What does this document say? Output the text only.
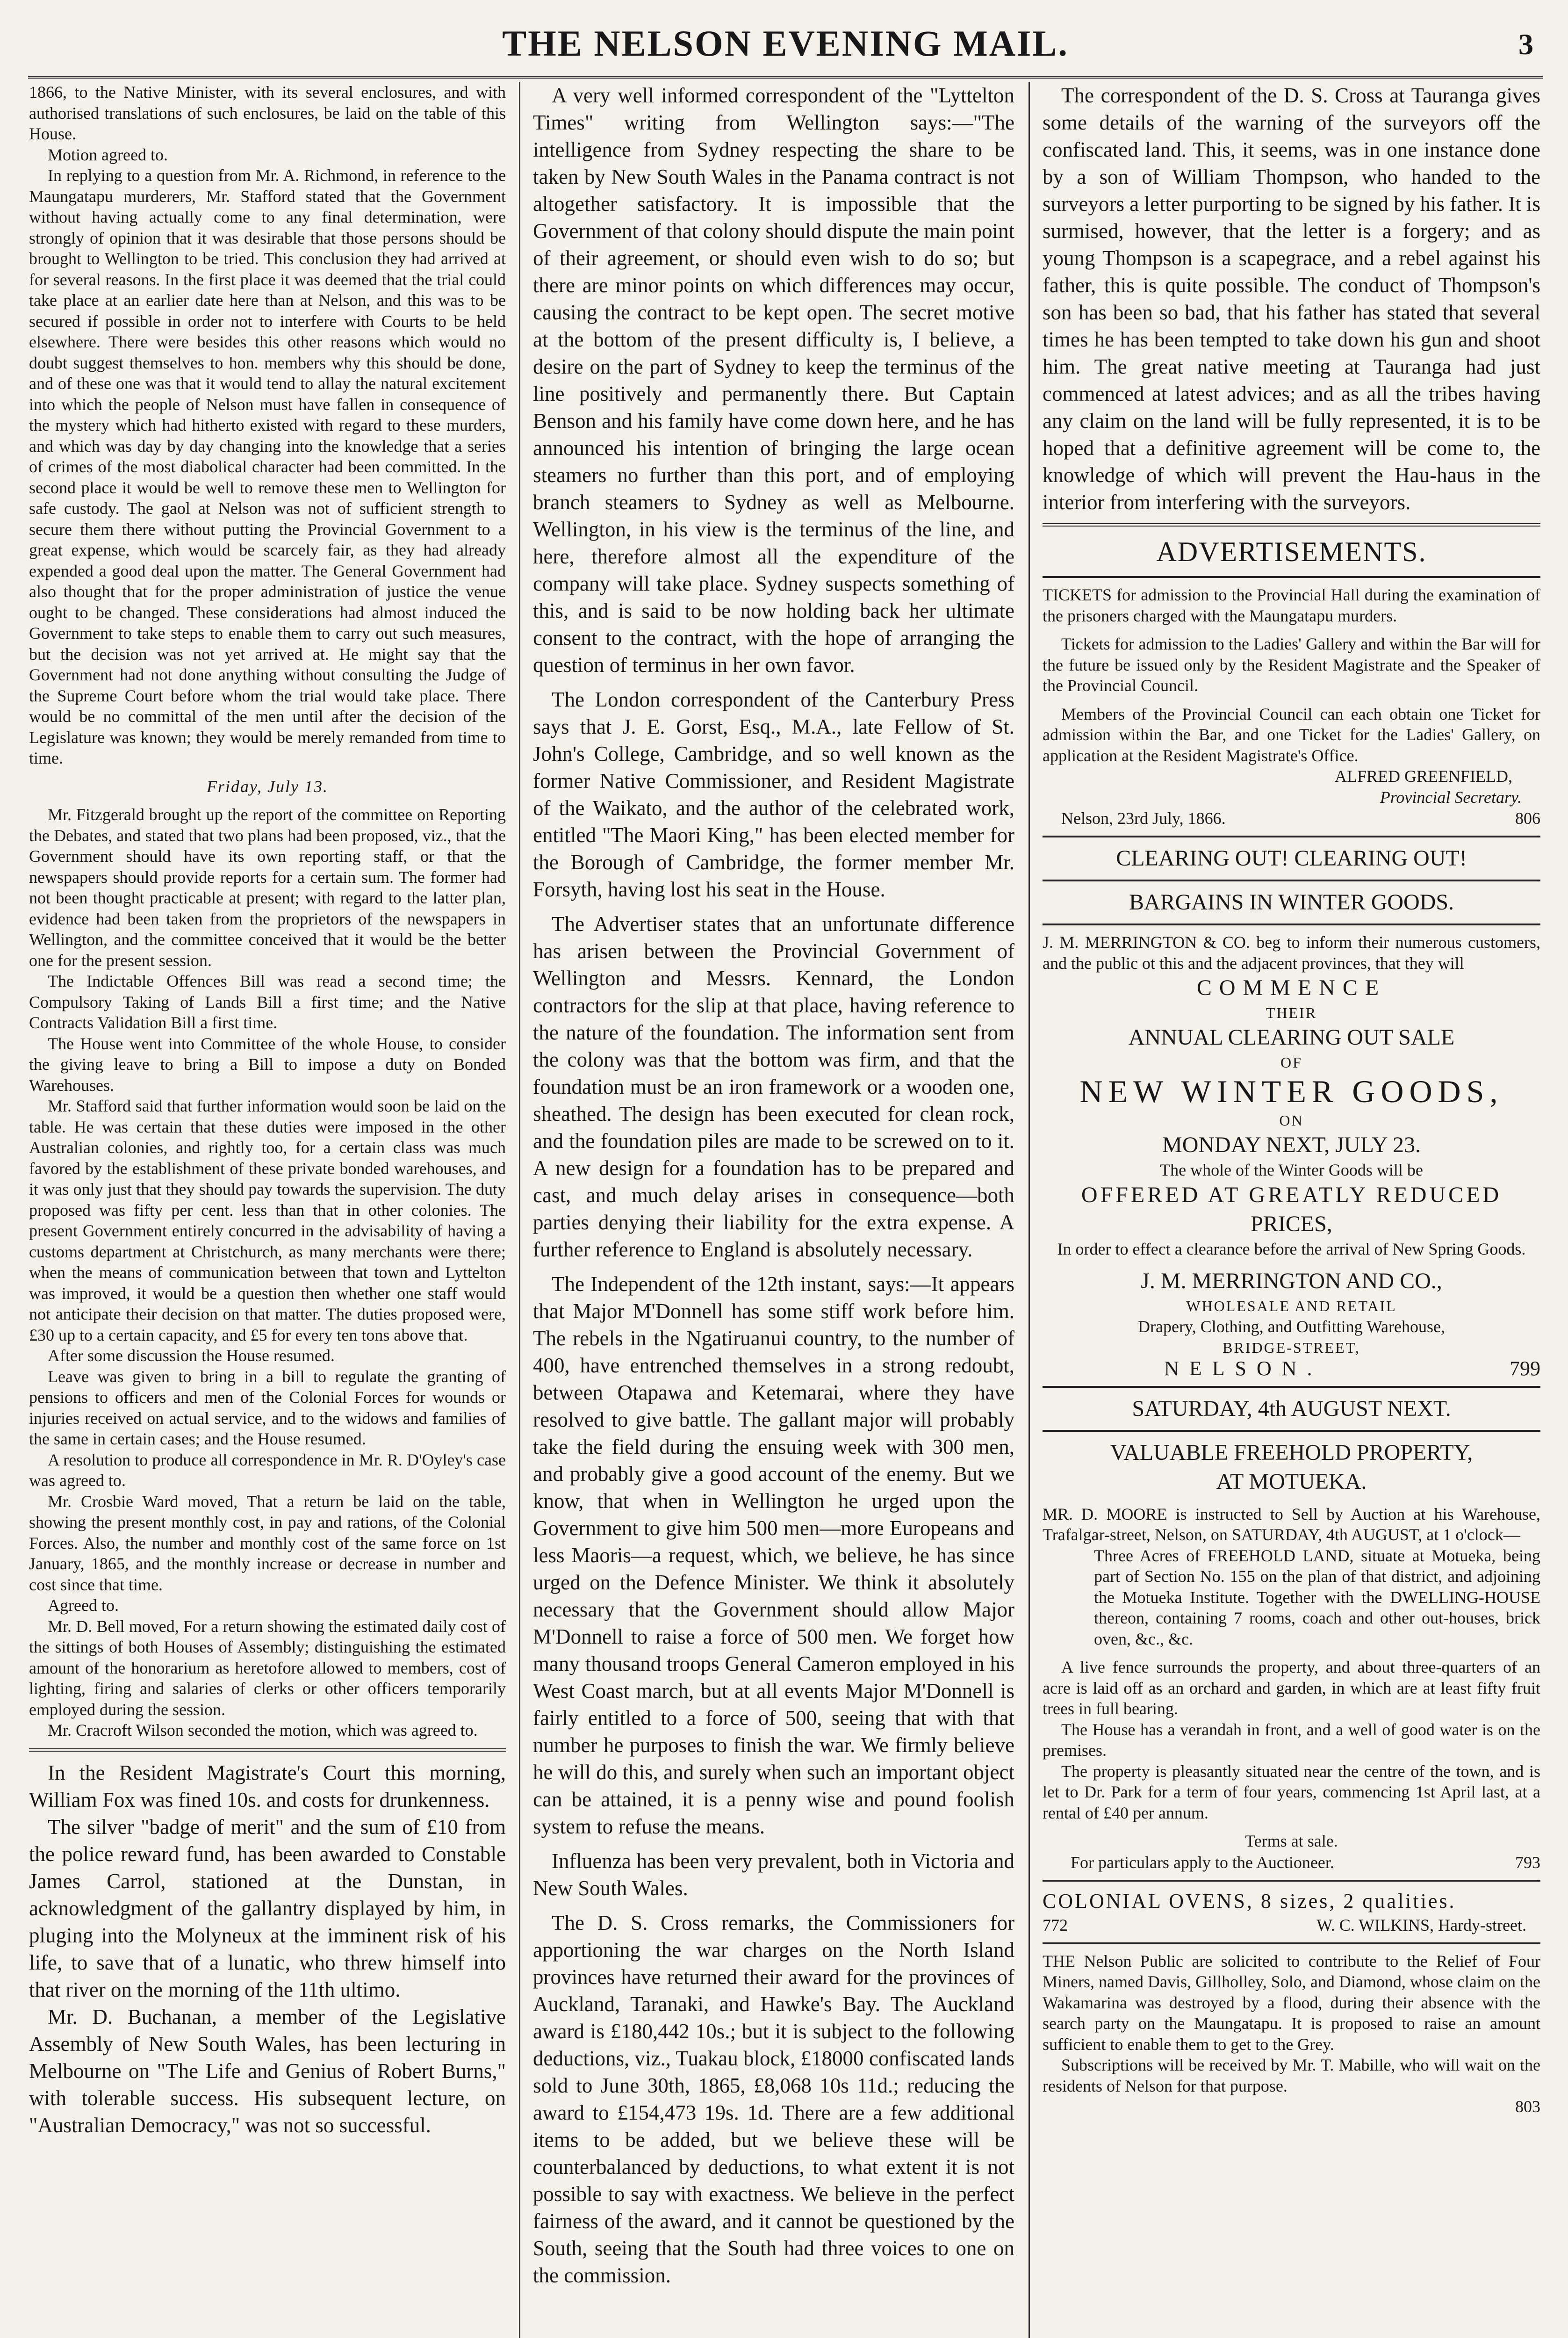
THE NELSON EVENING MAIL.	3

1866, to the Native Minister, with its several enclosures, and with authorised translations of such enclosures, be laid on the table of this House.

Motion agreed to.

In replying to a question from Mr. A. Richmond, in reference to the Maungatapu murderers, Mr. Stafford stated that the Government without having actually come to any final determination, were strongly of opinion that it was desirable that those persons should be brought to Wellington to be tried. This conclusion they had arrived at for several reasons. In the first place it was deemed that the trial could take place at an earlier date here than at Nelson, and this was to be secured if possible in order not to interfere with Courts to be held elsewhere. There were besides this other reasons which would no doubt suggest themselves to hon. members why this should be done, and of these one was that it would tend to allay the natural excitement into which the people of Nelson must have fallen in consequence of the mystery which had hitherto existed with regard to these murders, and which was day by day changing into the knowledge that a series of crimes of the most diabolical character had been committed. In the second place it would be well to remove these men to Wellington for safe custody. The gaol at Nelson was not of sufficient strength to secure them there without putting the Provincial Government to a great expense, which would be scarcely fair, as they had already expended a good deal upon the matter. The General Government had also thought that for the proper administration of justice the venue ought to be changed. These considerations had almost induced the Government to take steps to enable them to carry out such measures, but the decision was not yet arrived at. He might say that the Government had not done anything without consulting the Judge of the Supreme Court before whom the trial would take place. There would be no committal of the men until after the decision of the Legislature was known; they would be merely remanded from time to time.

Friday, July 13.

Mr. Fitzgerald brought up the report of the committee on Reporting the Debates, and stated that two plans had been proposed, viz., that the Government should have its own reporting staff, or that the newspapers should provide reports for a certain sum. The former had not been thought practicable at present; with regard to the latter plan, evidence had been taken from the proprietors of the newspapers in Wellington, and the committee conceived that it would be the better one for the present session.

The Indictable Offences Bill was read a second time; the Compulsory Taking of Lands Bill a first time; and the Native Contracts Validation Bill a first time.

The House went into Committee of the whole House, to consider the giving leave to bring a Bill to impose a duty on Bonded Warehouses.

Mr. Stafford said that further information would soon be laid on the table. He was certain that these duties were imposed in the other Australian colonies, and rightly too, for a certain class was much favored by the establishment of these private bonded warehouses, and it was only just that they should pay towards the supervision. The duty proposed was fifty per cent. less than that in other colonies. The present Government entirely concurred in the advisability of having a customs department at Christchurch, as many merchants were there; when the means of communication between that town and Lyttelton was improved, it would be a question then whether one staff would not anticipate their decision on that matter. The duties proposed were, £30 up to a certain capacity, and £5 for every ten tons above that.

After some discussion the House resumed.

Leave was given to bring in a bill to regulate the granting of pensions to officers and men of the Colonial Forces for wounds or injuries received on actual service, and to the widows and families of the same in certain cases; and the House resumed.

A resolution to produce all correspondence in Mr. R. D'Oyley's case was agreed to.

Mr. Crosbie Ward moved, That a return be laid on the table, showing the present monthly cost, in pay and rations, of the Colonial Forces. Also, the number and monthly cost of the same force on 1st January, 1865, and the monthly increase or decrease in number and cost since that time.

Agreed to.

Mr. D. Bell moved, For a return showing the estimated daily cost of the sittings of both Houses of Assembly; distinguishing the estimated amount of the honorarium as heretofore allowed to members, cost of lighting, firing and salaries of clerks or other officers temporarily employed during the session.

Mr. Cracroft Wilson seconded the motion, which was agreed to.

In the Resident Magistrate's Court this morning, William Fox was fined 10s. and costs for drunkenness.

The silver "badge of merit" and the sum of £10 from the police reward fund, has been awarded to Constable James Carrol, stationed at the Dunstan, in acknowledgment of the gallantry displayed by him, in pluging into the Molyneux at the imminent risk of his life, to save that of a lunatic, who threw himself into that river on the morning of the 11th ultimo.

Mr. D. Buchanan, a member of the Legislative Assembly of New South Wales, has been lecturing in Melbourne on "The Life and Genius of Robert Burns," with tolerable success. His subsequent lecture, on "Australian Democracy," was not so successful.

A very well informed correspondent of the "Lyttelton Times" writing from Wellington says:—"The intelligence from Sydney respecting the share to be taken by New South Wales in the Panama contract is not altogether satisfactory. It is impossible that the Government of that colony should dispute the main point of their agreement, or should even wish to do so; but there are minor points on which differences may occur, causing the contract to be kept open. The secret motive at the bottom of the present difficulty is, I believe, a desire on the part of Sydney to keep the terminus of the line positively and permanently there. But Captain Benson and his family have come down here, and he has announced his intention of bringing the large ocean steamers no further than this port, and of employing branch steamers to Sydney as well as Melbourne. Wellington, in his view is the terminus of the line, and here, therefore almost all the expenditure of the company will take place. Sydney suspects something of this, and is said to be now holding back her ultimate consent to the contract, with the hope of arranging the question of terminus in her own favor.

The London correspondent of the Canterbury Press says that J. E. Gorst, Esq., M.A., late Fellow of St. John's College, Cambridge, and so well known as the former Native Commissioner, and Resident Magistrate of the Waikato, and the author of the celebrated work, entitled "The Maori King," has been elected member for the Borough of Cambridge, the former member Mr. Forsyth, having lost his seat in the House.

The Advertiser states that an unfortunate difference has arisen between the Provincial Government of Wellington and Messrs. Kennard, the London contractors for the slip at that place, having reference to the nature of the foundation. The information sent from the colony was that the bottom was firm, and that the foundation must be an iron framework or a wooden one, sheathed. The design has been executed for clean rock, and the foundation piles are made to be screwed on to it. A new design for a foundation has to be prepared and cast, and much delay arises in consequence—both parties denying their liability for the extra expense. A further reference to England is absolutely necessary.

The Independent of the 12th instant, says:—It appears that Major M'Donnell has some stiff work before him. The rebels in the Ngatiruanui country, to the number of 400, have entrenched themselves in a strong redoubt, between Otapawa and Ketemarai, where they have resolved to give battle. The gallant major will probably take the field during the ensuing week with 300 men, and probably give a good account of the enemy. But we know, that when in Wellington he urged upon the Government to give him 500 men—more Europeans and less Maoris—a request, which, we believe, he has since urged on the Defence Minister. We think it absolutely necessary that the Government should allow Major M'Donnell to raise a force of 500 men. We forget how many thousand troops General Cameron employed in his West Coast march, but at all events Major M'Donnell is fairly entitled to a force of 500, seeing that with that number he purposes to finish the war. We firmly believe he will do this, and surely when such an important object can be attained, it is a penny wise and pound foolish system to refuse the means.

Influenza has been very prevalent, both in Victoria and New South Wales.

The D. S. Cross remarks, the Commissioners for apportioning the war charges on the North Island provinces have returned their award for the provinces of Auckland, Taranaki, and Hawke's Bay. The Auckland award is £180,442 10s.; but it is subject to the following deductions, viz., Tuakau block, £18000 confiscated lands sold to June 30th, 1865, £8,068 10s 11d.; reducing the award to £154,473 19s. 1d. There are a few additional items to be added, but we believe these will be counterbalanced by deductions, to what extent it is not possible to say with exactness. We believe in the perfect fairness of the award, and it cannot be questioned by the South, seeing that the South had three voices to one on the commission.

The correspondent of the D. S. Cross at Tauranga gives some details of the warning of the surveyors off the confiscated land. This, it seems, was in one instance done by a son of William Thompson, who handed to the surveyors a letter purporting to be signed by his father. It is surmised, however, that the letter is a forgery; and as young Thompson is a scapegrace, and a rebel against his father, this is quite possible. The conduct of Thompson's son has been so bad, that his father has stated that several times he has been tempted to take down his gun and shoot him. The great native meeting at Tauranga had just commenced at latest advices; and as all the tribes having any claim on the land will be fully represented, it is to be hoped that a definitive agreement will be come to, the knowledge of which will prevent the Hau-haus in the interior from interfering with the surveyors.

ADVERTISEMENTS.

TICKETS for admission to the Provincial Hall during the examination of the prisoners charged with the Maungatapu murders.

Tickets for admission to the Ladies' Gallery and within the Bar will for the future be issued only by the Resident Magistrate and the Speaker of the Provincial Council.

Members of the Provincial Council can each obtain one Ticket for admission within the Bar, and one Ticket for the Ladies' Gallery, on application at the Resident Magistrate's Office.

ALFRED GREENFIELD,

Provincial Secretary.

Nelson, 23rd July, 1866.	806
CLEARING OUT! CLEARING OUT!
BARGAINS IN WINTER GOODS.

J. M. MERRINGTON & CO. beg to inform their numerous customers, and the public ot this and the adjacent provinces, that they will

COMMENCE
THEIR
ANNUAL CLEARING OUT SALE
OF
NEW WINTER GOODS,
ON
MONDAY NEXT, JULY 23.

The whole of the Winter Goods will be

OFFERED AT GREATLY REDUCED
PRICES,

In order to effect a clearance before the arrival of New Spring Goods.

J. M. MERRINGTON AND CO.,
WHOLESALE AND RETAIL

Drapery, Clothing, and Outfitting Warehouse,

BRIDGE-STREET,
NELSON.	799
SATURDAY, 4th AUGUST NEXT.
VALUABLE FREEHOLD PROPERTY,
AT MOTUEKA.

MR. D. MOORE is instructed to Sell by Auction at his Warehouse, Trafalgar-street, Nelson, on SATURDAY, 4th AUGUST, at 1 o'clock—

Three Acres of FREEHOLD LAND, situate at Motueka, being part of Section No. 155 on the plan of that district, and adjoining the Motueka Institute. Together with the DWELLING-HOUSE thereon, containing 7 rooms, coach and other out-houses, brick oven, &c., &c.

A live fence surrounds the property, and about three-quarters of an acre is laid off as an orchard and garden, in which are at least fifty fruit trees in full bearing.

The House has a verandah in front, and a well of good water is on the premises.

The property is pleasantly situated near the centre of the town, and is let to Dr. Park for a term of four years, commencing 1st April last, at a rental of £40 per annum.

Terms at sale.

For particulars apply to the Auctioneer.	793

COLONIAL OVENS, 8 sizes, 2 qualities.

772	W. C. WILKINS, Hardy-street.

THE Nelson Public are solicited to contribute to the Relief of Four Miners, named Davis, Gillholley, Solo, and Diamond, whose claim on the Wakamarina was destroyed by a flood, during their absence with the search party on the Maungatapu. It is proposed to raise an amount sufficient to enable them to get to the Grey.

Subscriptions will be received by Mr. T. Mabille, who will wait on the residents of Nelson for that purpose.

803
